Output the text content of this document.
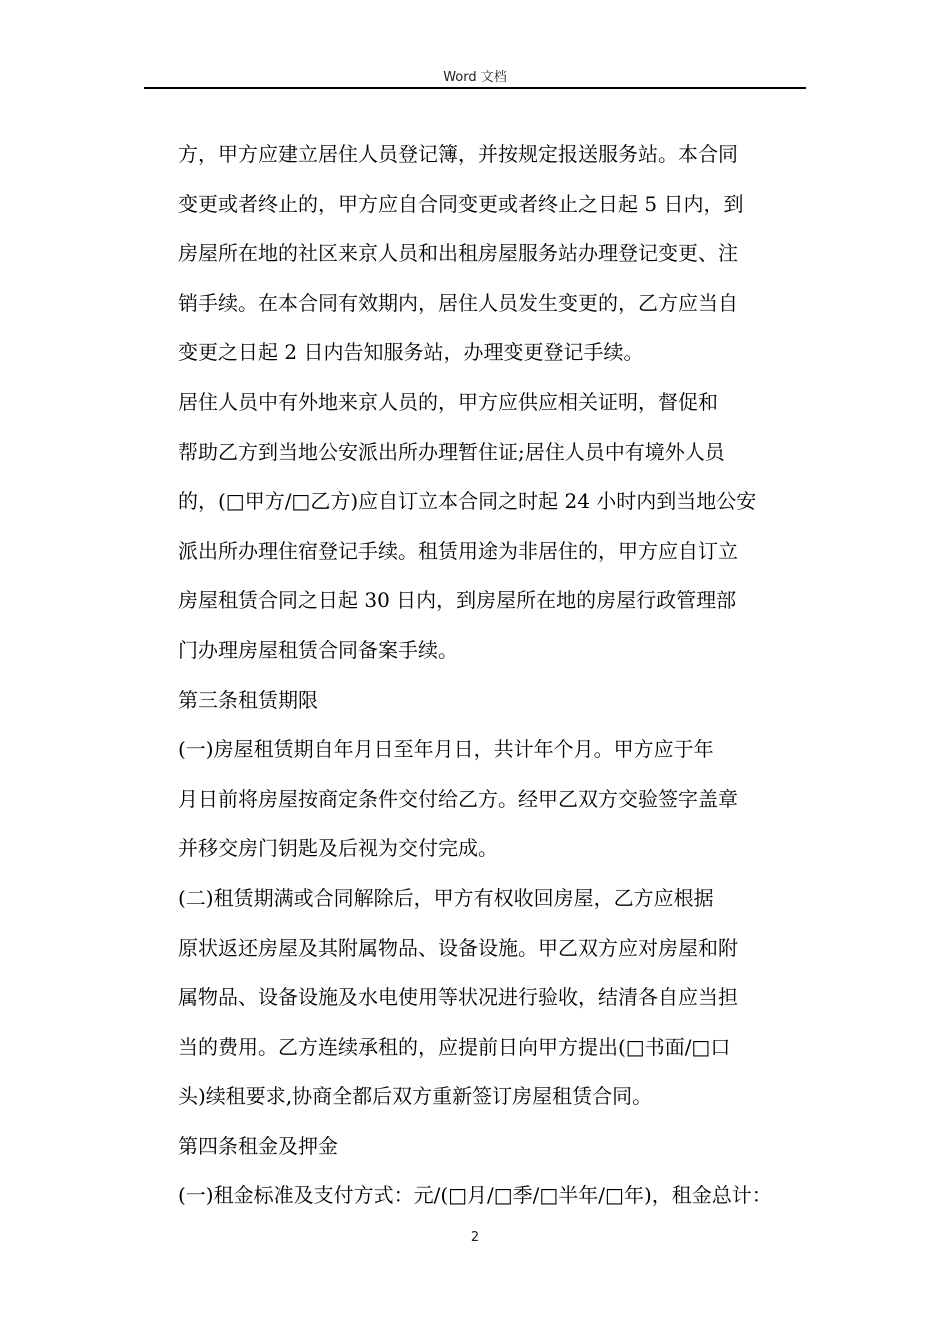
Word 文档

方，甲方应建立居住人员登记簿，并按规定报送服务站。本合同

变更或者终止的，甲方应自合同变更或者终止之日起 5 日内，到

房屋所在地的社区来京人员和出租房屋服务站办理登记变更、注

销手续。在本合同有效期内，居住人员发生变更的，乙方应当自

变更之日起 2 日内告知服务站，办理变更登记手续。

居住人员中有外地来京人员的，甲方应供应相关证明，督促和

帮助乙方到当地公安派出所办理暂住证;居住人员中有境外人员

的，(□甲方/□乙方)应自订立本合同之时起 24 小时内到当地公安

派出所办理住宿登记手续。租赁用途为非居住的，甲方应自订立

房屋租赁合同之日起 30 日内，到房屋所在地的房屋行政管理部

门办理房屋租赁合同备案手续。

第三条租赁期限

(一)房屋租赁期自年月日至年月日，共计年个月。甲方应于年

月日前将房屋按商定条件交付给乙方。经甲乙双方交验签字盖章

并移交房门钥匙及后视为交付完成。

(二)租赁期满或合同解除后，甲方有权收回房屋，乙方应根据

原状返还房屋及其附属物品、设备设施。甲乙双方应对房屋和附

属物品、设备设施及水电使用等状况进行验收，结清各自应当担

当的费用。乙方连续承租的，应提前日向甲方提出(□书面/□口

头)续租要求,协商全都后双方重新签订房屋租赁合同。

第四条租金及押金

(一)租金标准及支付方式：元/(□月/□季/□半年/□年)，租金总计：

2
